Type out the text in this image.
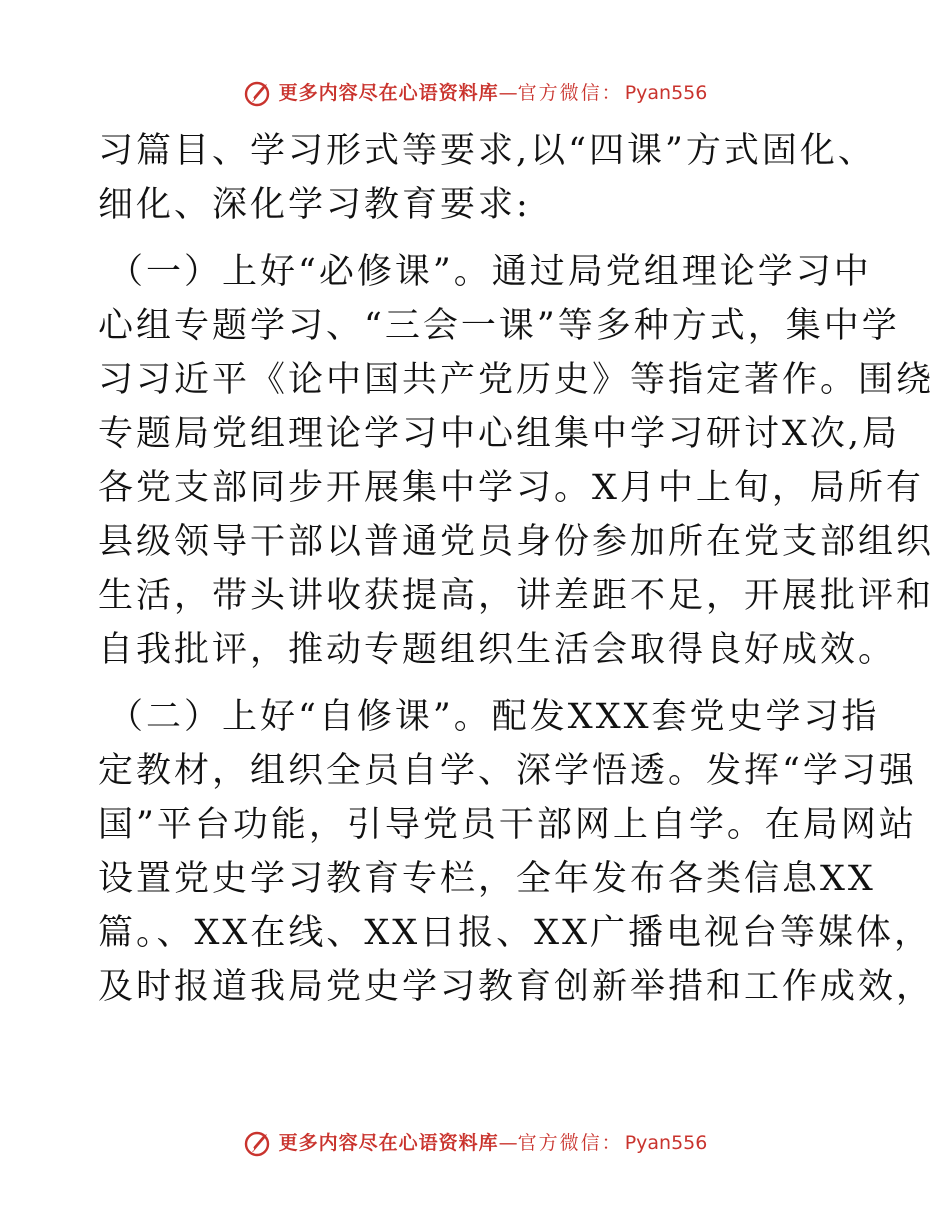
更多内容尽在心语资料库 — 官方微信： Pyan556

习篇目、学习形式等要求,以“四课”方式固化、
细化、深化学习教育要求:

（一）上好“必修课”。通过局党组理论学习中
心组专题学习、“三会一课”等多种方式，集中学
习习近平《论中国共产党历史》等指定著作。围绕
专题局党组理论学习中心组集中学习研讨X次,局
各党支部同步开展集中学习。X月中上旬，局所有
县级领导干部以普通党员身份参加所在党支部组织
生活，带头讲收获提高，讲差距不足，开展批评和
自我批评，推动专题组织生活会取得良好成效。

（二）上好“自修课”。配发XXX套党史学习指
定教材，组织全员自学、深学悟透。发挥“学习强
国”平台功能，引导党员干部网上自学。在局网站
设置党史学习教育专栏，全年发布各类信息XX
篇。、XX在线、XX日报、XX广播电视台等媒体，
及时报道我局党史学习教育创新举措和工作成效，

更多内容尽在心语资料库 — 官方微信： Pyan556
